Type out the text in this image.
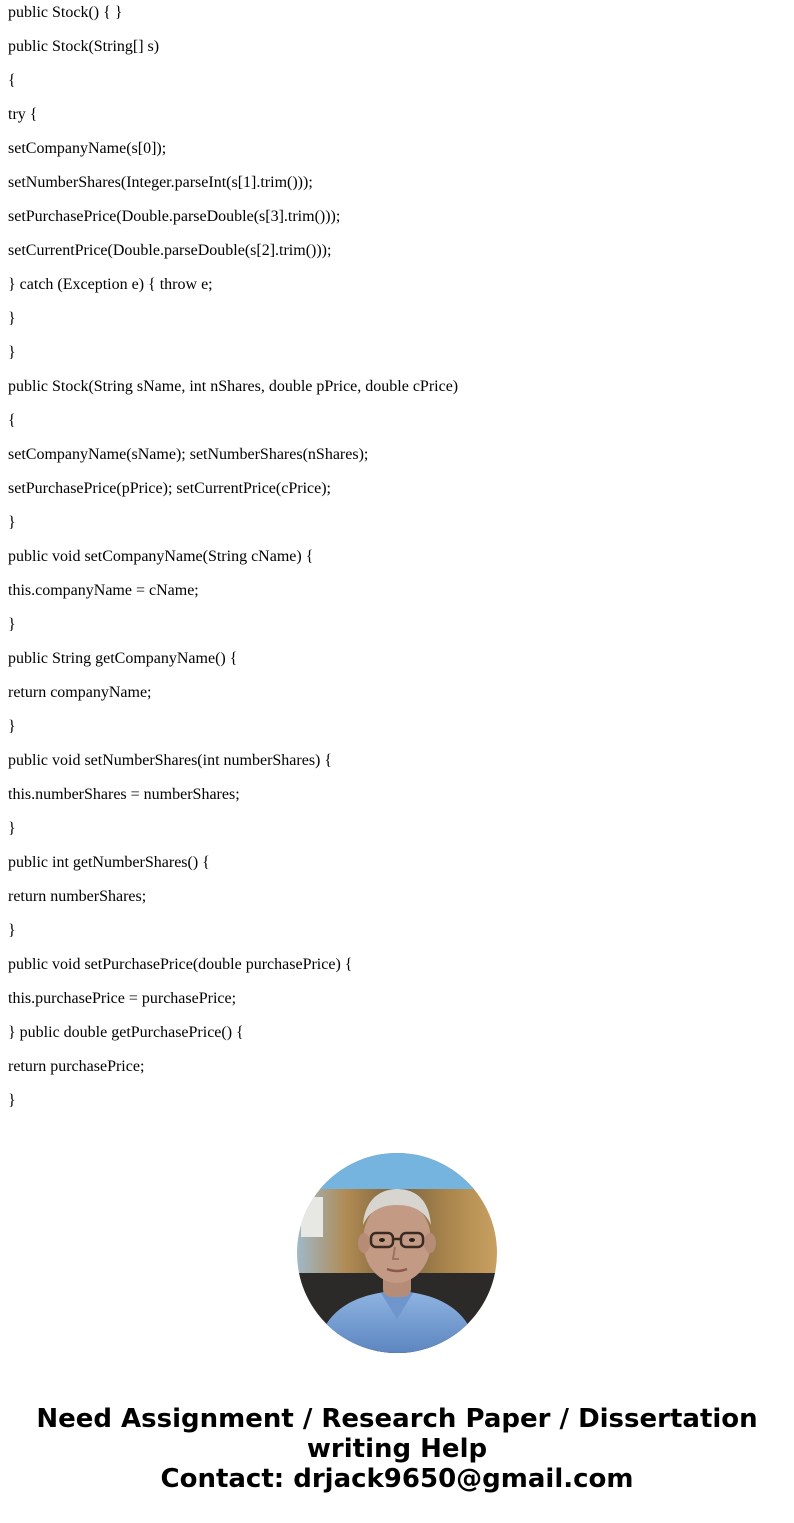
public Stock() { }
public Stock(String[] s)
{
try {
setCompanyName(s[0]);
setNumberShares(Integer.parseInt(s[1].trim()));
setPurchasePrice(Double.parseDouble(s[3].trim()));
setCurrentPrice(Double.parseDouble(s[2].trim()));
} catch (Exception e) { throw e;
}
}
public Stock(String sName, int nShares, double pPrice, double cPrice)
{
setCompanyName(sName); setNumberShares(nShares);
setPurchasePrice(pPrice); setCurrentPrice(cPrice);
}
public void setCompanyName(String cName) {
this.companyName = cName;
}
public String getCompanyName() {
return companyName;
}
public void setNumberShares(int numberShares) {
this.numberShares = numberShares;
}
public int getNumberShares() {
return numberShares;
}
public void setPurchasePrice(double purchasePrice) {
this.purchasePrice = purchasePrice;
} public double getPurchasePrice() {
return purchasePrice;
}
Need Assignment / Research Paper / Dissertation
writing Help
Contact: drjack9650@gmail.com
